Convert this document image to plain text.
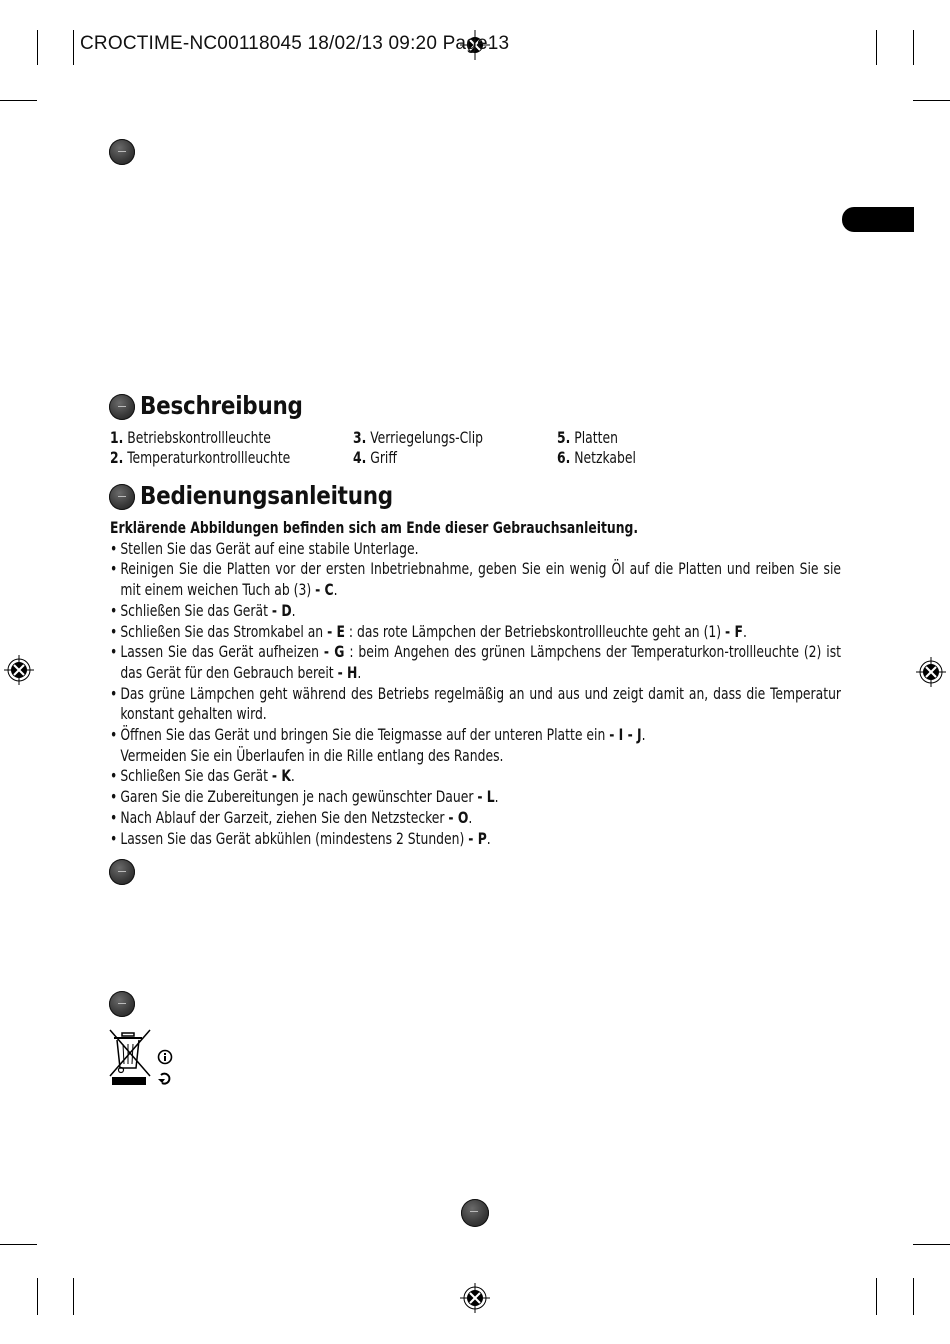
CROCTIME-NC00118045 18/02/13 09:20 Page13
Beschreibung
1. Betriebskontrollleuchte
2. Temperaturkontrollleuchte
3. Verriegelungs-Clip
4. Griff
5. Platten
6. Netzkabel
Bedienungsanleitung

Erklärende Abbildungen befinden sich am Ende dieser Gebrauchsanleitung.

• Stellen Sie das Gerät auf eine stabile Unterlage.

• Reinigen Sie die Platten vor der ersten Inbetriebnahme, geben Sie ein wenig Öl auf die Platten und reiben Sie sie mit einem weichen Tuch ab (3) - C.

• Schließen Sie das Gerät - D.

• Schließen Sie das Stromkabel an - E : das rote Lämpchen der Betriebskontrollleuchte geht an (1) - F.

• Lassen Sie das Gerät aufheizen - G : beim Angehen des grünen Lämpchens der Temperaturkon-trollleuchte (2) ist das Gerät für den Gebrauch bereit - H.

• Das grüne Lämpchen geht während des Betriebs regelmäßig an und aus und zeigt damit an, dass die Temperatur konstant gehalten wird.

• Öffnen Sie das Gerät und bringen Sie die Teigmasse auf der unteren Platte ein - I - J.
Vermeiden Sie ein Überlaufen in die Rille entlang des Randes.

• Schließen Sie das Gerät - K.

• Garen Sie die Zubereitungen je nach gewünschter Dauer - L.

• Nach Ablauf der Garzeit, ziehen Sie den Netzstecker - O.

• Lassen Sie das Gerät abkühlen (mindestens 2 Stunden) - P.
